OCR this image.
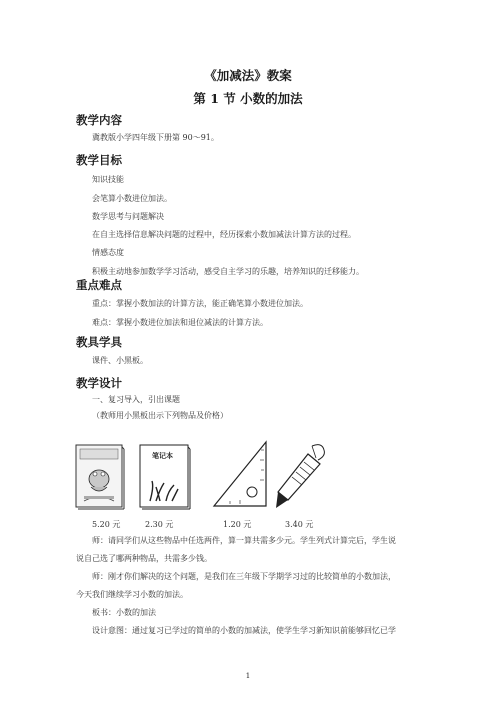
《加减法》教案
第 1 节 小数的加法
教学内容
冀教版小学四年级下册第 90～91。
教学目标
知识技能
会笔算小数进位加法。
数学思考与问题解决
在自主选择信息解决问题的过程中，经历探索小数加减法计算方法的过程。
情感态度
积极主动地参加数学学习活动，感受自主学习的乐趣，培养知识的迁移能力。
重点难点
重点：掌握小数加法的计算方法，能正确笔算小数进位加法。
难点：掌握小数进位加法和退位减法的计算方法。
教具学具
课件、小黑板。
教学设计
一、复习导入，引出课题
（教师用小黑板出示下列物品及价格）
笔记本
5.20 元	2.30 元	1.20 元	3.40 元
师：请同学们从这些物品中任选两件，算一算共需多少元。学生列式计算完后，学生说
说自己选了哪两种物品，共需多少钱。
师：刚才你们解决的这个问题，是我们在三年级下学期学习过的比较简单的小数加法，
今天我们继续学习小数的加法。
板书：小数的加法
设计意图：通过复习已学过的简单的小数的加减法，使学生学习新知识前能够回忆已学
1
